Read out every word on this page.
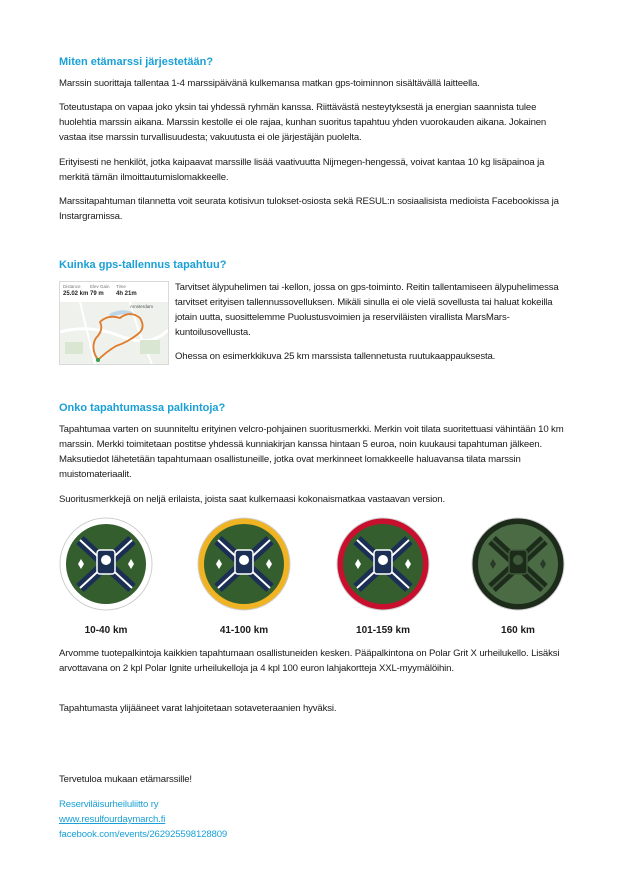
Miten etämarssi järjestetään?

Marssin suorittaja tallentaa 1-4 marssipäivänä kulkemansa matkan gps-toiminnon sisältävällä laitteella.

Toteutustapa on vapaa joko yksin tai yhdessä ryhmän kanssa. Riittävästä nesteytyksestä ja energian saannista tulee huolehtia marssin aikana. Marssin kestolle ei ole rajaa, kunhan suoritus tapahtuu yhden vuorokauden aikana. Jokainen vastaa itse marssin turvallisuudesta; vakuutusta ei ole järjestäjän puolelta.

Erityisesti ne henkilöt, jotka kaipaavat marssille lisää vaativuutta Nijmegen-hengessä, voivat kantaa 10 kg lisäpainoa ja merkitä tämän ilmoittautumislomakkeelle.

Marssitapahtuman tilannetta voit seurata kotisivun tulokset-osiosta sekä RESUL:n sosiaalisista medioista Facebookissa ja Instargramissa.

Kuinka gps-tallennus tapahtuu?
Distance Elev Gain Time
25.02 km 79 m 4h 21m
Amsterdam

Tarvitset älypuhelimen tai -kellon, jossa on gps-toiminto. Reitin tallentamiseen älypuhelimessa tarvitset erityisen tallennussovelluksen. Mikäli sinulla ei ole vielä sovellusta tai haluat kokeilla jotain uutta, suosittelemme Puolustusvoimien ja reserviläisten virallista MarsMars-kuntoilusovellusta.

Ohessa on esimerkkikuva 25 km marssista tallennetusta ruutukaappauksesta.

Onko tapahtumassa palkintoja?

Tapahtumaa varten on suunniteltu erityinen velcro-pohjainen suoritusmerkki. Merkin voit tilata suoritettuasi vähintään 10 km marssin. Merkki toimitetaan postitse yhdessä kunniakirjan kanssa hintaan 5 euroa, noin kuukausi tapahtuman jälkeen. Maksutiedot lähetetään tapahtumaan osallistuneille, jotka ovat merkinneet lomakkeelle haluavansa tilata marssin muistomateriaalit.

Suoritusmerkkejä on neljä erilaista, joista saat kulkemaasi kokonaismatkaa vastaavan version.

10-40 km	41-100 km	101-159 km	160 km

Arvomme tuotepalkintoja kaikkien tapahtumaan osallistuneiden kesken. Pääpalkintona on Polar Grit X urheilukello. Lisäksi arvottavana on 2 kpl Polar Ignite urheilukelloja ja 4 kpl 100 euron lahjakortteja XXL-myymälöihin.

Tapahtumasta ylijääneet varat lahjoitetaan sotaveteraanien hyväksi.

Tervetuloa mukaan etämarssille!

Reserviläisurheiluliitto ry

www.resulfourdaymarch.fi

facebook.com/events/262925598128809
